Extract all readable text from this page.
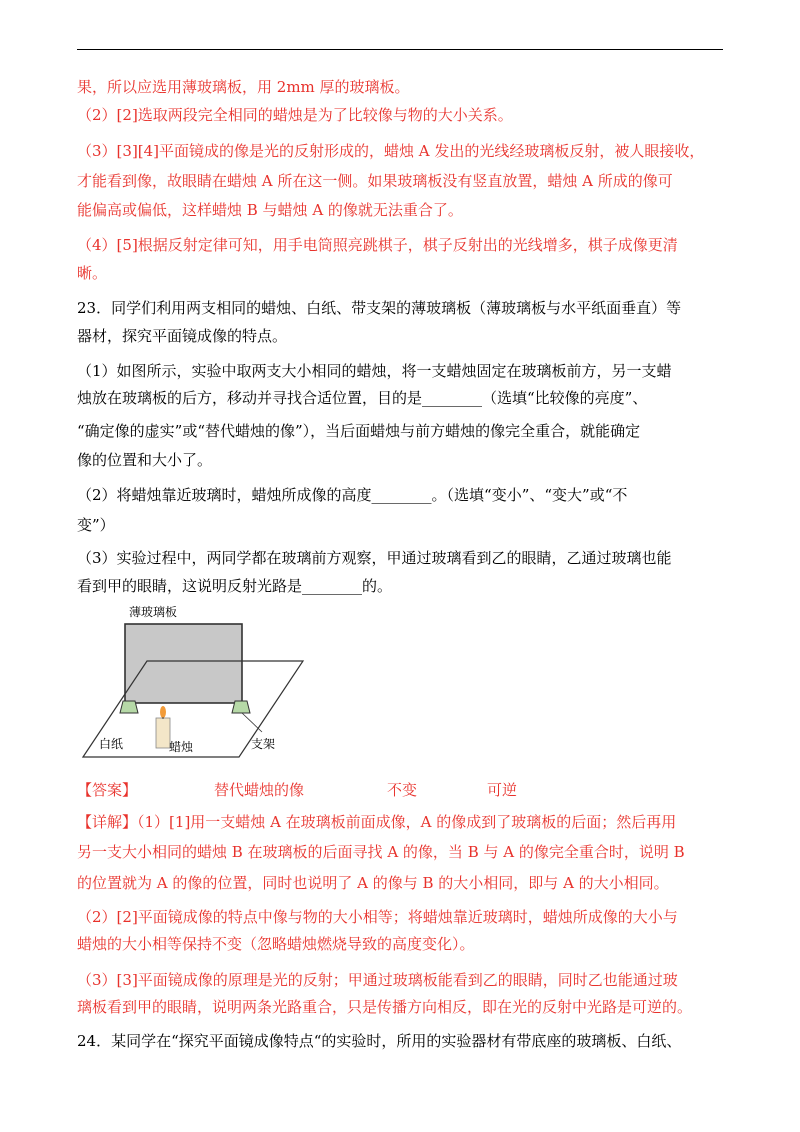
果，所以应选用薄玻璃板，用 2mm 厚的玻璃板。
（2）[2]选取两段完全相同的蜡烛是为了比较像与物的大小关系。
（3）[3][4]平面镜成的像是光的反射形成的，蜡烛 A 发出的光线经玻璃板反射，被人眼接收，
才能看到像，故眼睛在蜡烛 A 所在这一侧。如果玻璃板没有竖直放置，蜡烛 A 所成的像可
能偏高或偏低，这样蜡烛 B 与蜡烛 A 的像就无法重合了。
（4）[5]根据反射定律可知，用手电筒照亮跳棋子，棋子反射出的光线增多，棋子成像更清
晰。
23．同学们利用两支相同的蜡烛、白纸、带支架的薄玻璃板（薄玻璃板与水平纸面垂直）等
器材，探究平面镜成像的特点。
（1）如图所示，实验中取两支大小相同的蜡烛，将一支蜡烛固定在玻璃板前方，另一支蜡
烛放在玻璃板的后方，移动并寻找合适位置，目的是________（选填“比较像的亮度”、
“确定像的虚实”或“替代蜡烛的像”），当后面蜡烛与前方蜡烛的像完全重合，就能确定
像的位置和大小了。
（2）将蜡烛靠近玻璃时，蜡烛所成像的高度________。（选填“变小”、“变大”或“不
变”）
（3）实验过程中，两同学都在玻璃前方观察，甲通过玻璃看到乙的眼睛，乙通过玻璃也能
看到甲的眼睛，这说明反射光路是________的。
薄玻璃板
白纸	蜡烛	支架
【答案】	替代蜡烛的像	不变	可逆
【详解】（1）[1]用一支蜡烛 A 在玻璃板前面成像，A 的像成到了玻璃板的后面；然后再用
另一支大小相同的蜡烛 B 在玻璃板的后面寻找 A 的像，当 B 与 A 的像完全重合时，说明 B
的位置就为 A 的像的位置，同时也说明了 A 的像与 B 的大小相同，即与 A 的大小相同。
（2）[2]平面镜成像的特点中像与物的大小相等；将蜡烛靠近玻璃时，蜡烛所成像的大小与
蜡烛的大小相等保持不变（忽略蜡烛燃烧导致的高度变化）。
（3）[3]平面镜成像的原理是光的反射；甲通过玻璃板能看到乙的眼睛，同时乙也能通过玻
璃板看到甲的眼睛，说明两条光路重合，只是传播方向相反，即在光的反射中光路是可逆的。
24．某同学在“探究平面镜成像特点“的实验时，所用的实验器材有带底座的玻璃板、白纸、
